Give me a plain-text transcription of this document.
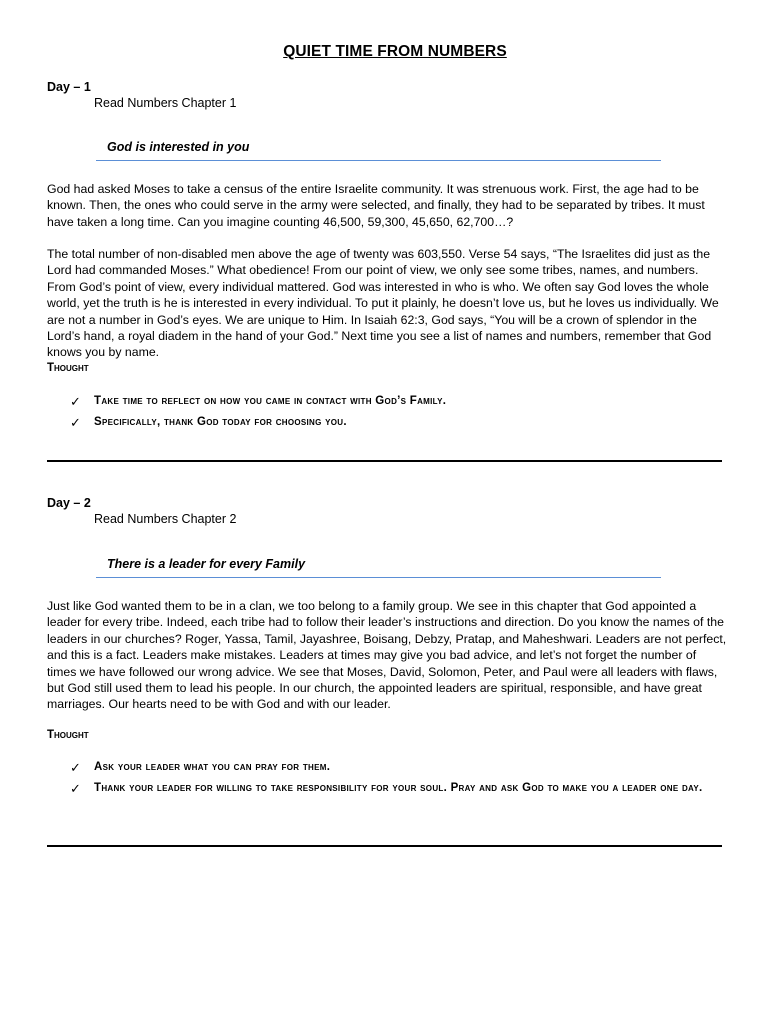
QUIET TIME FROM NUMBERS
Day – 1
Read Numbers Chapter 1
God is interested in you

God had asked Moses to take a census of the entire Israelite community. It was strenuous work. First, the age had to be known. Then, the ones who could serve in the army were selected, and finally, they had to be separated by tribes. It must have taken a long time. Can you imagine counting 46,500, 59,300, 45,650, 62,700…?

The total number of non-disabled men above the age of twenty was 603,550. Verse 54 says, “The Israelites did just as the Lord had commanded Moses.” What obedience! From our point of view, we only see some tribes, names, and numbers. From God’s point of view, every individual mattered. God was interested in who is who. We often say God loves the whole world, yet the truth is he is interested in every individual. To put it plainly, he doesn’t love us, but he loves us individually. We are not a number in God’s eyes. We are unique to Him. In Isaiah 62:3, God says, “You will be a crown of splendor in the Lord’s hand, a royal diadem in the hand of your God.” Next time you see a list of names and numbers, remember that God knows you by name.

Thought
✓ Take time to reflect on how you came in contact with God’s Family.
✓ Specifically, thank God today for choosing you.
Day – 2
Read Numbers Chapter 2
There is a leader for every Family

Just like God wanted them to be in a clan, we too belong to a family group. We see in this chapter that God appointed a leader for every tribe. Indeed, each tribe had to follow their leader’s instructions and direction. Do you know the names of the leaders in our churches? Roger, Yassa, Tamil, Jayashree, Boisang, Debzy, Pratap, and Maheshwari. Leaders are not perfect, and this is a fact. Leaders make mistakes. Leaders at times may give you bad advice, and let’s not forget the number of times we have followed our wrong advice. We see that Moses, David, Solomon, Peter, and Paul were all leaders with flaws, but God still used them to lead his people. In our church, the appointed leaders are spiritual, responsible, and have great marriages. Our hearts need to be with God and with our leader.

Thought
✓ Ask your leader what you can pray for them.
✓ Thank your leader for willing to take responsibility for your soul. Pray and ask God to make you a leader one day.
